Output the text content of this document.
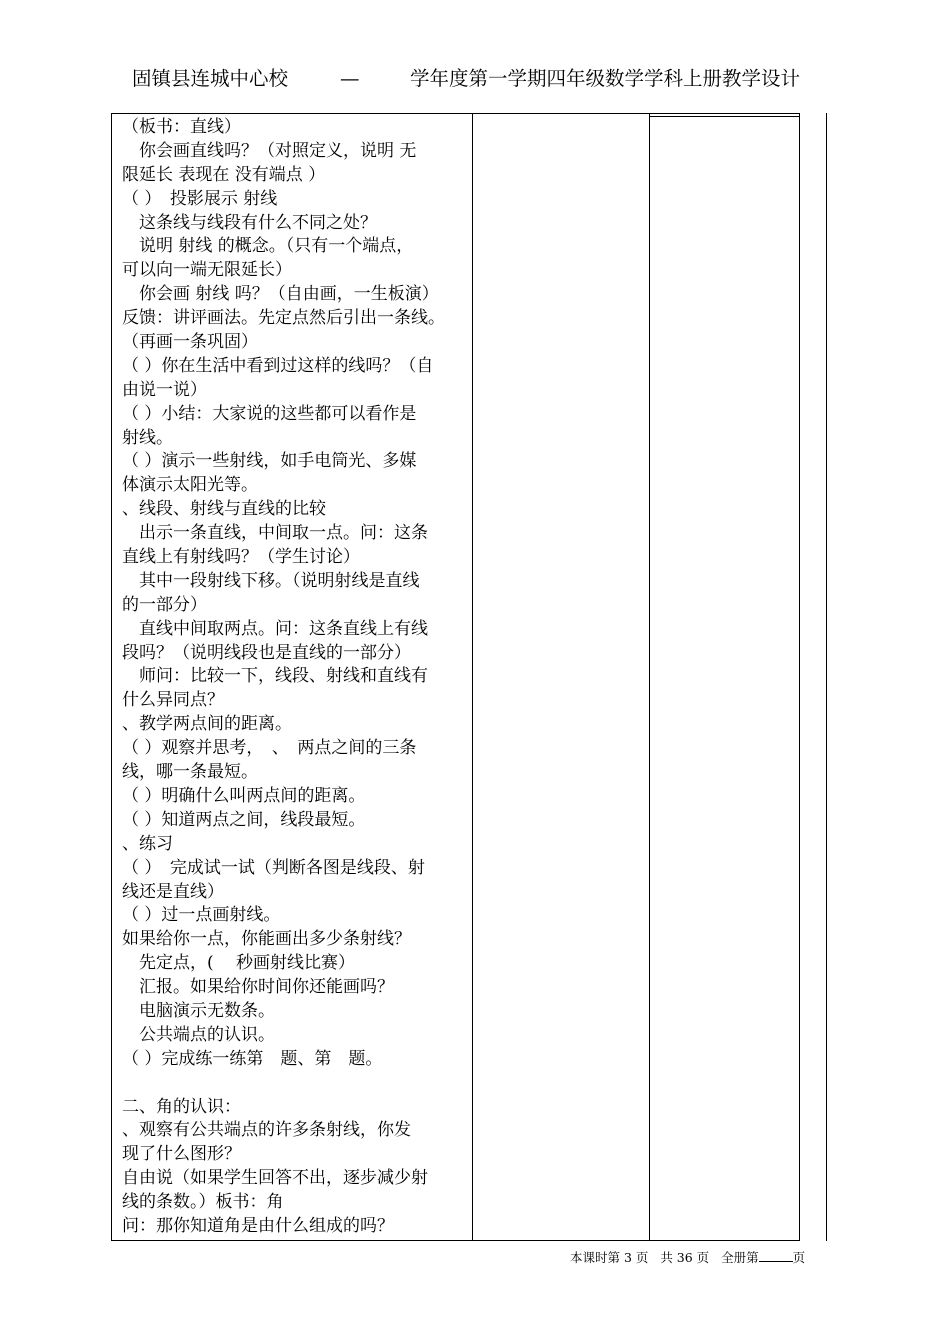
固镇县连城中心校	—	学年度第一学期四年级数学学科上册教学设计
（板书：直线）
　你会画直线吗？（对照定义，说明 无
限延长 表现在 没有端点 ）
（ ）　投影展示 射线
　这条线与线段有什么不同之处？
　说明 射线 的概念。（只有一个端点，
可以向一端无限延长）
　你会画 射线 吗？（自由画，一生板演）
反馈：讲评画法。先定点然后引出一条线。
（再画一条巩固）
（ ）你在生活中看到过这样的线吗？（自
由说一说）
（ ）小结：大家说的这些都可以看作是
射线。
（ ）演示一些射线，如手电筒光、多媒
体演示太阳光等。
、线段、射线与直线的比较
　出示一条直线，中间取一点。问：这条
直线上有射线吗？（学生讨论）
　其中一段射线下移。（说明射线是直线
的一部分）
　直线中间取两点。问：这条直线上有线
段吗？（说明线段也是直线的一部分）
　师问：比较一下，线段、射线和直线有
什么异同点？
、教学两点间的距离。
（ ）观察并思考，　、　两点之间的三条
线，哪一条最短。
（ ）明确什么叫两点间的距离。
（ ）知道两点之间，线段最短。
、练习
（ ）　完成试一试（判断各图是线段、射
线还是直线）
（ ）过一点画射线。
如果给你一点，你能画出多少条射线？
　先定点，(　 秒画射线比赛）
　汇报。如果给你时间你还能画吗？
　电脑演示无数条。
　公共端点的认识。
（ ）完成练一练第　题、第　题。
二、角的认识：
、观察有公共端点的许多条射线，你发
现了什么图形？
自由说（如果学生回答不出，逐步减少射
线的条数。）板书：角
问：那你知道角是由什么组成的吗？
本课时第 3 页 共 36 页 全册第	页
